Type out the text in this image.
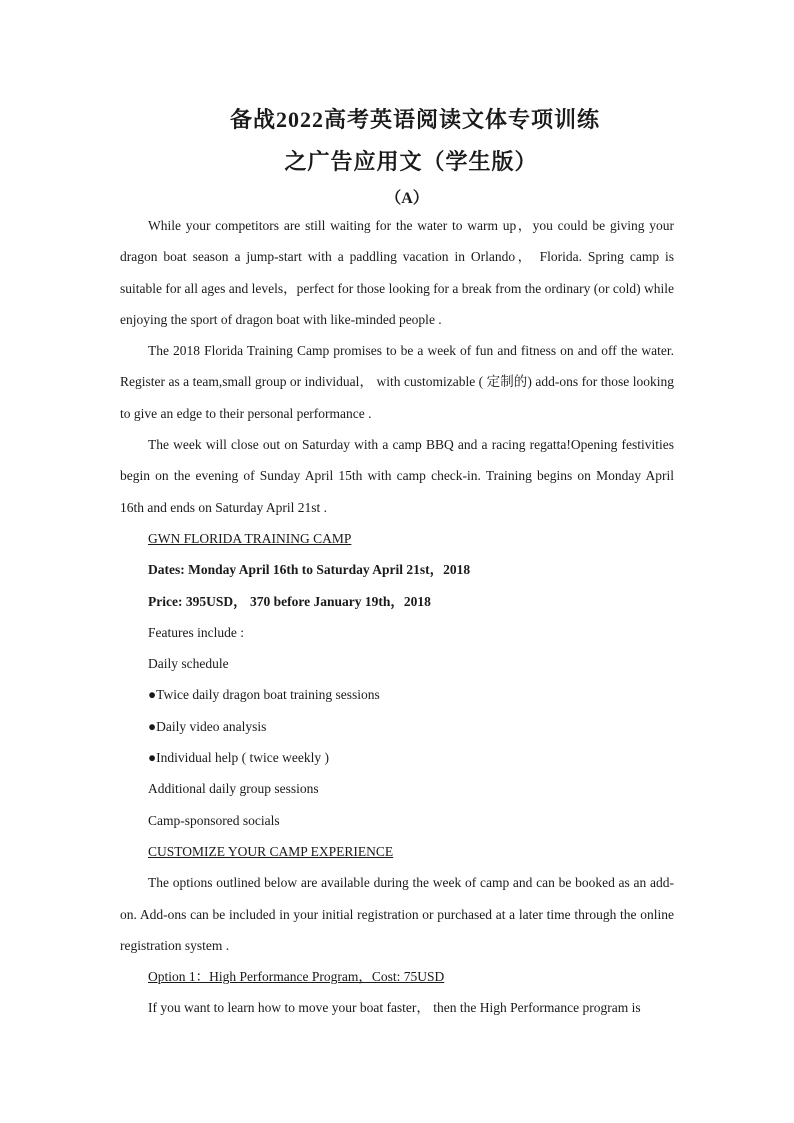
备战2022高考英语阅读文体专项训练
之广告应用文（学生版）
（A）

While your competitors are still waiting for the water to warm up，you could be giving your dragon boat season a jump-start with a paddling vacation in Orlando， Florida. Spring camp is suitable for all ages and levels，perfect for those looking for a break from the ordinary (or cold) while enjoying the sport of dragon boat with like-minded people .

The 2018 Florida Training Camp promises to be a week of fun and fitness on and off the water. Register as a team,small group or individual， with customizable ( 定制的) add-ons for those looking to give an edge to their personal performance .

The week will close out on Saturday with a camp BBQ and a racing regatta!Opening festivities begin on the evening of Sunday April 15th with camp check-in. Training begins on Monday April 16th and ends on Saturday April 21st .

GWN FLORIDA TRAINING CAMP
Dates: Monday April 16th to Saturday April 21st，2018
Price: 395USD， 370 before January 19th，2018
Features include :
Daily schedule
●Twice daily dragon boat training sessions
●Daily video analysis
●Individual help ( twice weekly )
Additional daily group sessions
Camp-sponsored socials
CUSTOMIZE YOUR CAMP EXPERIENCE

The options outlined below are available during the week of camp and can be booked as an add-on. Add-ons can be included in your initial registration or purchased at a later time through the online registration system .

Option 1：High Performance Program，Cost: 75USD
If you want to learn how to move your boat faster， then the High Performance program is
